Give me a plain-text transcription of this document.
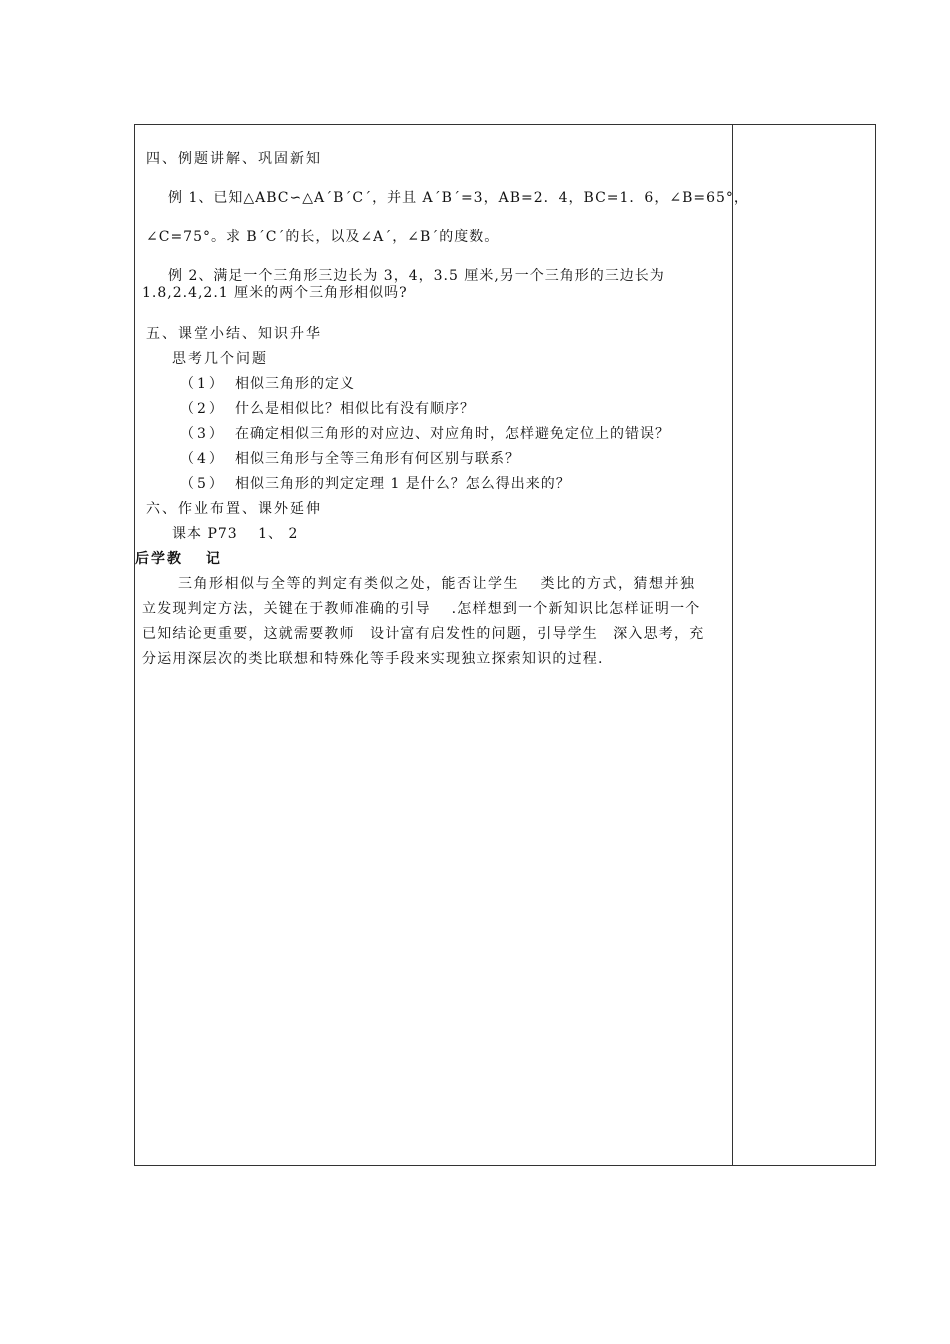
四、例题讲解、巩固新知
例 1、已知△ABC∽△A´B´C´，并且 A´B´=3，AB=2．4，BC=1．6，∠B=65°，
∠C=75°。求 B´C´的长，以及∠A´，∠B´的度数。
例 2、满足一个三角形三边长为 3，4，3.5 厘米,另一个三角形的三边长为
1.8,2.4,2.1 厘米的两个三角形相似吗?
五、课堂小结、知识升华
思考几个问题
（1） 相似三角形的定义
（2） 什么是相似比？相似比有没有顺序？
（3） 在确定相似三角形的对应边、对应角时，怎样避免定位上的错误？
（4） 相似三角形与全等三角形有何区别与联系？
（5） 相似三角形的判定定理 1 是什么？怎么得出来的？
六、作业布置、课外延伸
课本 P73　 1、 2
后学教　 记
三角形相似与全等的判定有类似之处，能否让学生　 类比的方式，猜想并独
立发现判定方法，关键在于教师准确的引导　 .怎样想到一个新知识比怎样证明一个
已知结论更重要，这就需要教师　设计富有启发性的问题，引导学生　深入思考，充
分运用深层次的类比联想和特殊化等手段来实现独立探索知识的过程.
